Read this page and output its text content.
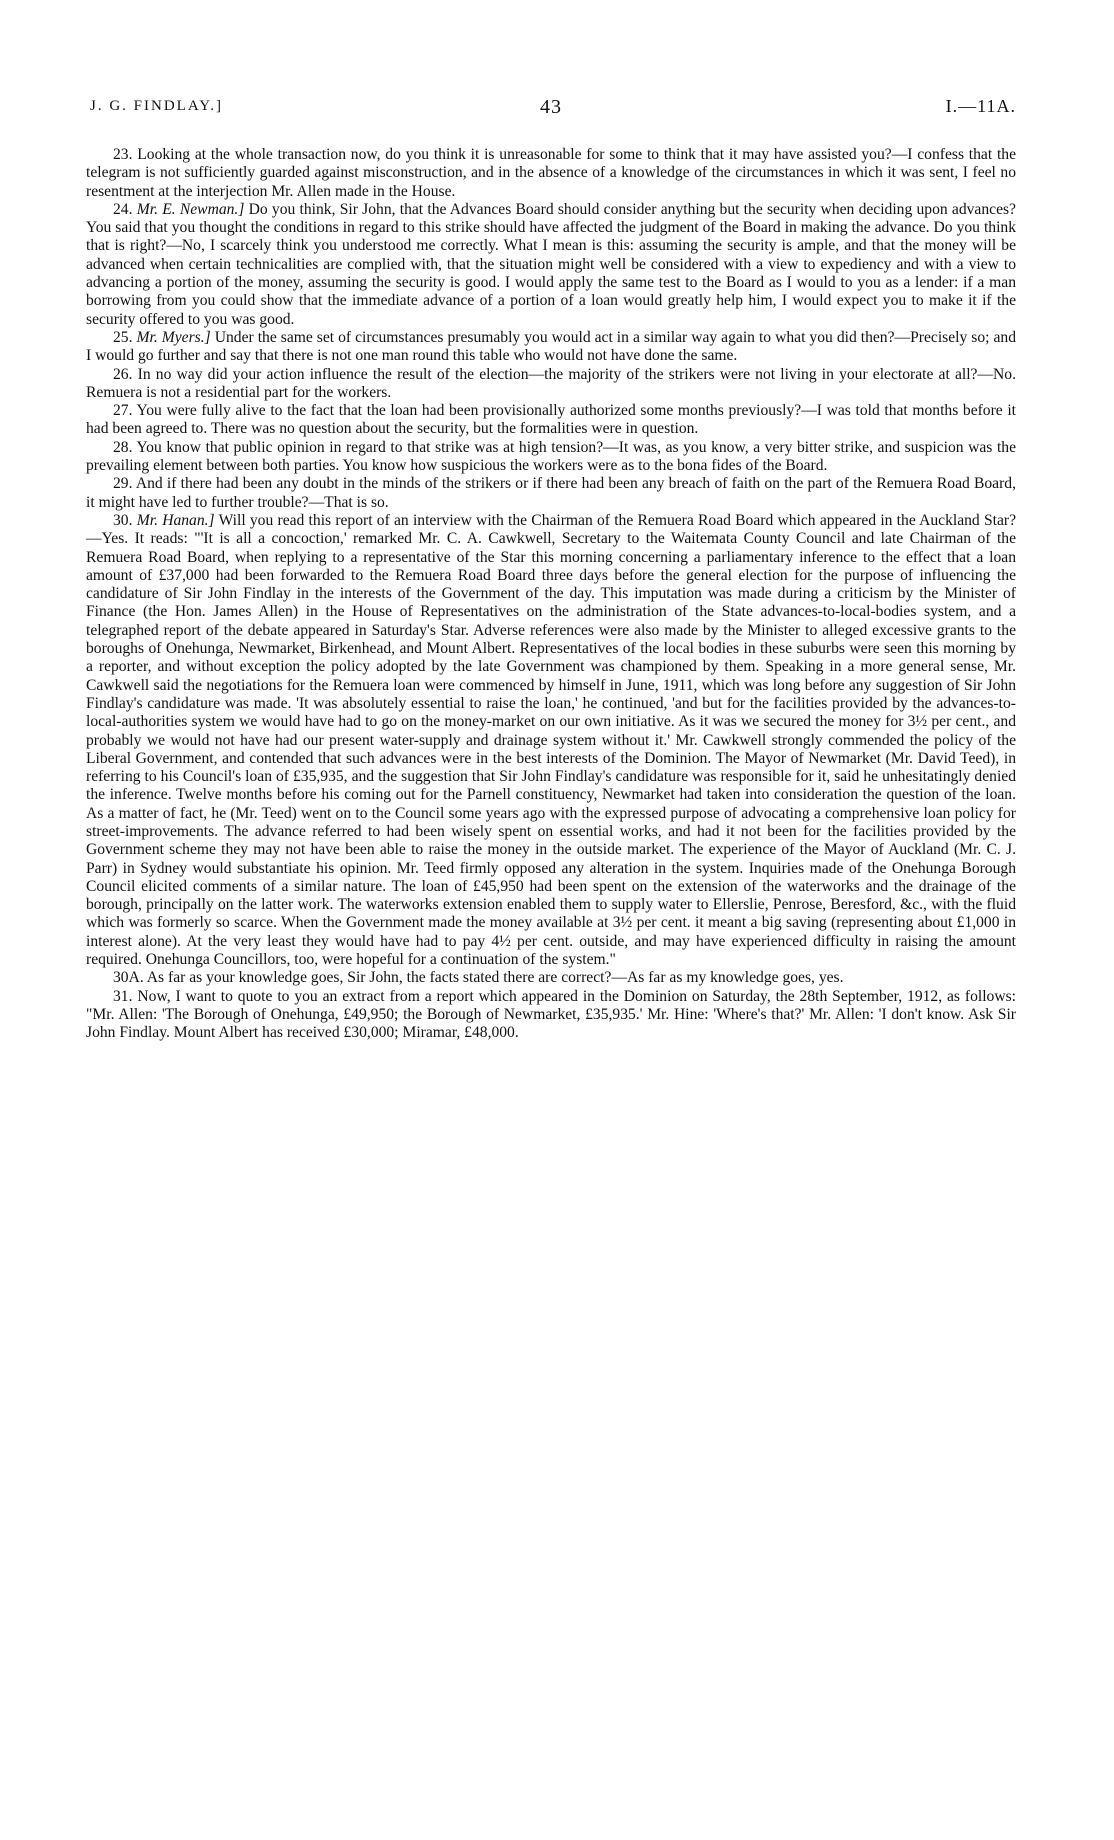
J. G. FINDLAY.]	43	I.—11A.

23. Looking at the whole transaction now, do you think it is unreasonable for some to think that it may have assisted you?—I confess that the telegram is not sufficiently guarded against misconstruction, and in the absence of a knowledge of the circumstances in which it was sent, I feel no resentment at the interjection Mr. Allen made in the House.

24. Mr. E. Newman.] Do you think, Sir John, that the Advances Board should consider anything but the security when deciding upon advances? You said that you thought the conditions in regard to this strike should have affected the judgment of the Board in making the advance. Do you think that is right?—No, I scarcely think you understood me correctly. What I mean is this: assuming the security is ample, and that the money will be advanced when certain technicalities are complied with, that the situation might well be considered with a view to expediency and with a view to advancing a portion of the money, assuming the security is good. I would apply the same test to the Board as I would to you as a lender: if a man borrowing from you could show that the immediate advance of a portion of a loan would greatly help him, I would expect you to make it if the security offered to you was good.

25. Mr. Myers.] Under the same set of circumstances presumably you would act in a similar way again to what you did then?—Precisely so; and I would go further and say that there is not one man round this table who would not have done the same.

26. In no way did your action influence the result of the election—the majority of the strikers were not living in your electorate at all?—No. Remuera is not a residential part for the workers.

27. You were fully alive to the fact that the loan had been provisionally authorized some months previously?—I was told that months before it had been agreed to. There was no question about the security, but the formalities were in question.

28. You know that public opinion in regard to that strike was at high tension?—It was, as you know, a very bitter strike, and suspicion was the prevailing element between both parties. You know how suspicious the workers were as to the bona fides of the Board.

29. And if there had been any doubt in the minds of the strikers or if there had been any breach of faith on the part of the Remuera Road Board, it might have led to further trouble?—That is so.

30. Mr. Hanan.] Will you read this report of an interview with the Chairman of the Remuera Road Board which appeared in the Auckland Star?—Yes. It reads: "'It is all a concoction,' remarked Mr. C. A. Cawkwell, Secretary to the Waitemata County Council and late Chairman of the Remuera Road Board, when replying to a representative of the Star this morning concerning a parliamentary inference to the effect that a loan amount of £37,000 had been forwarded to the Remuera Road Board three days before the general election for the purpose of influencing the candidature of Sir John Findlay in the interests of the Government of the day. This imputation was made during a criticism by the Minister of Finance (the Hon. James Allen) in the House of Representatives on the administration of the State advances-to-local-bodies system, and a telegraphed report of the debate appeared in Saturday's Star. Adverse references were also made by the Minister to alleged excessive grants to the boroughs of Onehunga, Newmarket, Birkenhead, and Mount Albert. Representatives of the local bodies in these suburbs were seen this morning by a reporter, and without exception the policy adopted by the late Government was championed by them. Speaking in a more general sense, Mr. Cawkwell said the negotiations for the Remuera loan were commenced by himself in June, 1911, which was long before any suggestion of Sir John Findlay's candidature was made. 'It was absolutely essential to raise the loan,' he continued, 'and but for the facilities provided by the advances-to-local-authorities system we would have had to go on the money-market on our own initiative. As it was we secured the money for 3½ per cent., and probably we would not have had our present water-supply and drainage system without it.' Mr. Cawkwell strongly commended the policy of the Liberal Government, and contended that such advances were in the best interests of the Dominion. The Mayor of Newmarket (Mr. David Teed), in referring to his Council's loan of £35,935, and the suggestion that Sir John Findlay's candidature was responsible for it, said he unhesitatingly denied the inference. Twelve months before his coming out for the Parnell constituency, Newmarket had taken into consideration the question of the loan. As a matter of fact, he (Mr. Teed) went on to the Council some years ago with the expressed purpose of advocating a comprehensive loan policy for street-improvements. The advance referred to had been wisely spent on essential works, and had it not been for the facilities provided by the Government scheme they may not have been able to raise the money in the outside market. The experience of the Mayor of Auckland (Mr. C. J. Parr) in Sydney would substantiate his opinion. Mr. Teed firmly opposed any alteration in the system. Inquiries made of the Onehunga Borough Council elicited comments of a similar nature. The loan of £45,950 had been spent on the extension of the waterworks and the drainage of the borough, principally on the latter work. The waterworks extension enabled them to supply water to Ellerslie, Penrose, Beresford, &c., with the fluid which was formerly so scarce. When the Government made the money available at 3½ per cent. it meant a big saving (representing about £1,000 in interest alone). At the very least they would have had to pay 4½ per cent. outside, and may have experienced difficulty in raising the amount required. Onehunga Councillors, too, were hopeful for a continuation of the system."

30A. As far as your knowledge goes, Sir John, the facts stated there are correct?—As far as my knowledge goes, yes.

31. Now, I want to quote to you an extract from a report which appeared in the Dominion on Saturday, the 28th September, 1912, as follows: "Mr. Allen: 'The Borough of Onehunga, £49,950; the Borough of Newmarket, £35,935.' Mr. Hine: 'Where's that?' Mr. Allen: 'I don't know. Ask Sir John Findlay. Mount Albert has received £30,000; Miramar, £48,000.
